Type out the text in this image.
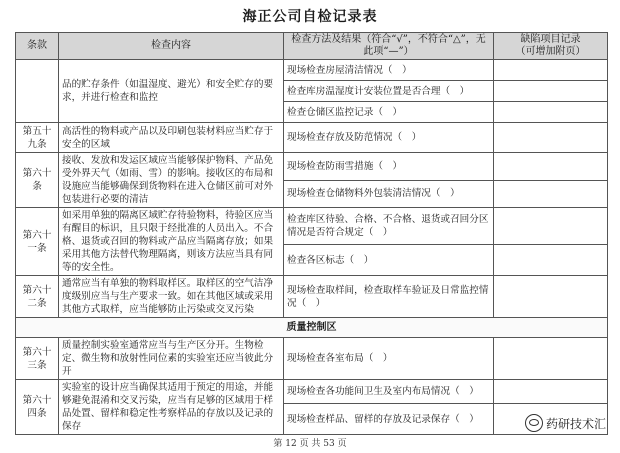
海正公司自检记录表
条款	检查内容	检查方法及结果（符合“√”，不符合“△”，无此项“—”）	缺陷项目记录
（可增加附页）

	品的贮存条件（如温湿度、避光）和安全贮存的要求，并进行检查和监控	现场检查房屋清洁情况（　）	
		检查库房温湿度计安装位置是否合理（　）	
		检查仓储区监控记录（　）	
第五十九条	高活性的物料或产品以及印刷包装材料应当贮存于安全的区域	现场检查存放及防范情况（　）	
第六十条	接收、发放和发运区域应当能够保护物料、产品免受外界天气（如雨、雪）的影响。接收区的布局和设施应当能够确保到货物料在进入仓储区前可对外包装进行必要的清洁	现场检查防雨雪措施（　）	
		现场检查仓储物料外包装清洁情况（　）	
第六十一条	如采用单独的隔离区域贮存待验物料，待验区应当有醒目的标识，且只限于经批准的人员出入。不合格、退货或召回的物料或产品应当隔离存放；如果采用其他方法替代物理隔离，则该方法应当具有同等的安全性。	检查库区待验、合格、不合格、退货或召回分区情况是否符合规定（　）	
		检查各区标志（　）	
第六十二条	通常应当有单独的物料取样区。取样区的空气洁净度级别应当与生产要求一致。如在其他区域或采用其他方式取样，应当能够防止污染或交叉污染	现场检查取样间，检查取样车验证及日常监控情况（　）	
质量控制区			
第六十三条	质量控制实验室通常应当与生产区分开。生物检定、微生物和放射性同位素的实验室还应当彼此分开	现场检查各室布局（　）	
第六十四条	实验室的设计应当确保其适用于预定的用途，并能够避免混淆和交叉污染，应当有足够的区域用于样品处置、留样和稳定性考察样品的存放以及记录的保存	现场检查各功能间卫生及室内布局情况（　）	
		现场检查样品、留样的存放及记录保存（　）		药研技术汇
第 12 页 共 53 页
